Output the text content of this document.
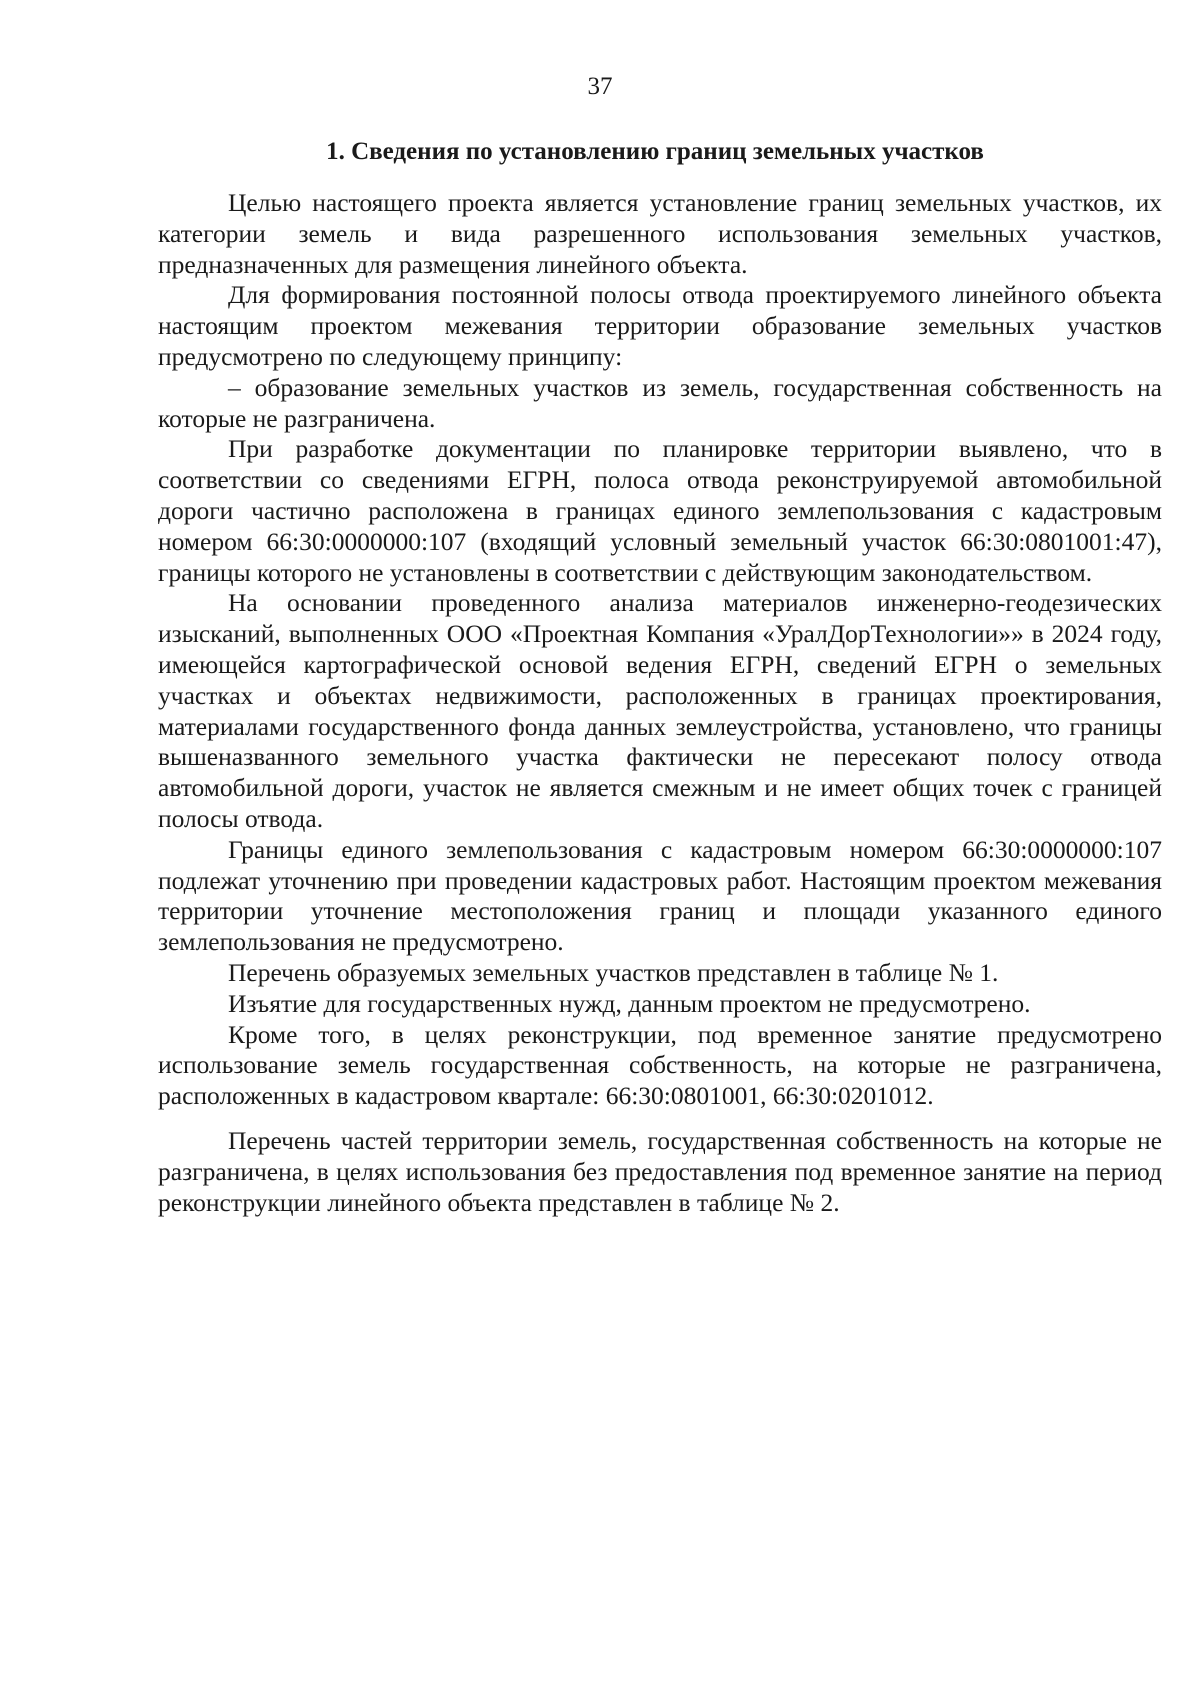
37
1. Сведения по установлению границ земельных участков

Целью настоящего проекта является установление границ земельных участков, их категории земель и вида разрешенного использования земельных участков, предназначенных для размещения линейного объекта.

Для формирования постоянной полосы отвода проектируемого линейного объекта настоящим проектом межевания территории образование земельных участков предусмотрено по следующему принципу:

– образование земельных участков из земель, государственная собственность на которые не разграничена.

При разработке документации по планировке территории выявлено, что в соответствии со сведениями ЕГРН, полоса отвода реконструируемой автомобильной дороги частично расположена в границах единого землепользования с кадастровым номером 66:30:0000000:107 (входящий условный земельный участок 66:30:0801001:47), границы которого не установлены в соответствии с действующим законодательством.

На основании проведенного анализа материалов инженерно-геодезических изысканий, выполненных ООО «Проектная Компания «УралДорТехнологии»» в 2024 году, имеющейся картографической основой ведения ЕГРН, сведений ЕГРН о земельных участках и объектах недвижимости, расположенных в границах проектирования, материалами государственного фонда данных землеустройства, установлено, что границы вышеназванного земельного участка фактически не пересекают полосу отвода автомобильной дороги, участок не является смежным и не имеет общих точек с границей полосы отвода.

Границы единого землепользования с кадастровым номером 66:30:0000000:107 подлежат уточнению при проведении кадастровых работ. Настоящим проектом межевания территории уточнение местоположения границ и площади указанного единого землепользования не предусмотрено.

Перечень образуемых земельных участков представлен в таблице № 1.

Изъятие для государственных нужд, данным проектом не предусмотрено.

Кроме того, в целях реконструкции, под временное занятие предусмотрено использование земель государственная собственность, на которые не разграничена, расположенных в кадастровом квартале: 66:30:0801001, 66:30:0201012.

Перечень частей территории земель, государственная собственность на которые не разграничена, в целях использования без предоставления под временное занятие на период реконструкции линейного объекта представлен в таблице № 2.
